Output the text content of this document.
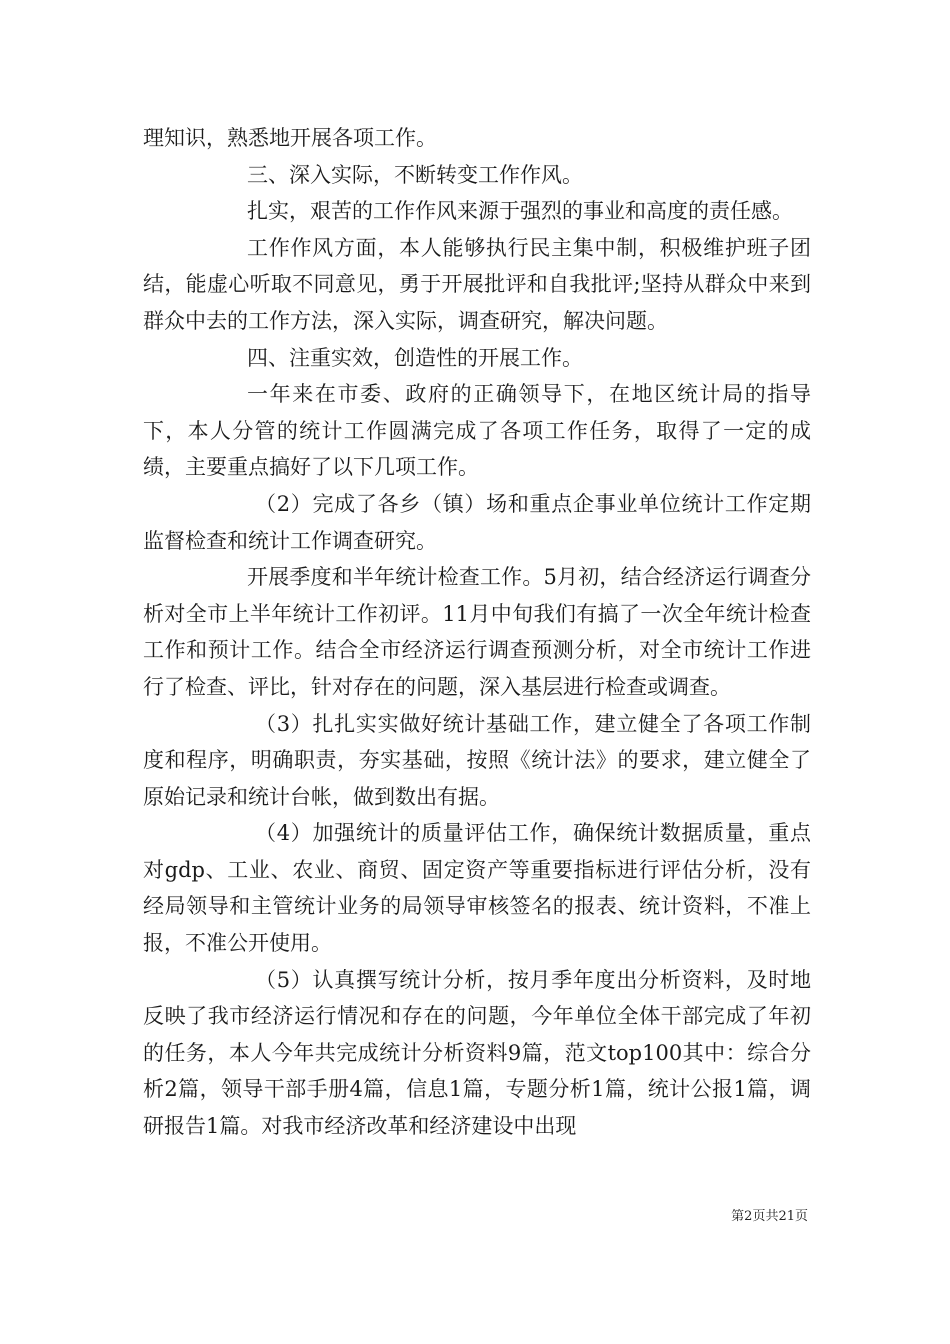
理知识，熟悉地开展各项工作。

三、深入实际，不断转变工作作风。

扎实，艰苦的工作作风来源于强烈的事业和高度的责任感。

工作作风方面，本人能够执行民主集中制，积极维护班子团结，能虚心听取不同意见，勇于开展批评和自我批评;坚持从群众中来到群众中去的工作方法，深入实际，调查研究，解决问题。

四、注重实效，创造性的开展工作。

一年来在市委、政府的正确领导下，在地区统计局的指导下，本人分管的统计工作圆满完成了各项工作任务，取得了一定的成绩，主要重点搞好了以下几项工作。

（2）完成了各乡（镇）场和重点企事业单位统计工作定期监督检查和统计工作调查研究。

开展季度和半年统计检查工作。5月初，结合经济运行调查分析对全市上半年统计工作初评。11月中旬我们有搞了一次全年统计检查工作和预计工作。结合全市经济运行调查预测分析，对全市统计工作进行了检查、评比，针对存在的问题，深入基层进行检查或调查。

（3）扎扎实实做好统计基础工作，建立健全了各项工作制度和程序，明确职责，夯实基础，按照《统计法》的要求，建立健全了原始记录和统计台帐，做到数出有据。

（4）加强统计的质量评估工作，确保统计数据质量，重点对gdp、工业、农业、商贸、固定资产等重要指标进行评估分析，没有经局领导和主管统计业务的局领导审核签名的报表、统计资料，不准上报，不准公开使用。

（5）认真撰写统计分析，按月季年度出分析资料，及时地反映了我市经济运行情况和存在的问题，今年单位全体干部完成了年初的任务，本人今年共完成统计分析资料9篇，范文top100其中：综合分析2篇，领导干部手册4篇，信息1篇，专题分析1篇，统计公报1篇，调研报告1篇。对我市经济改革和经济建设中出现

第2页共21页
